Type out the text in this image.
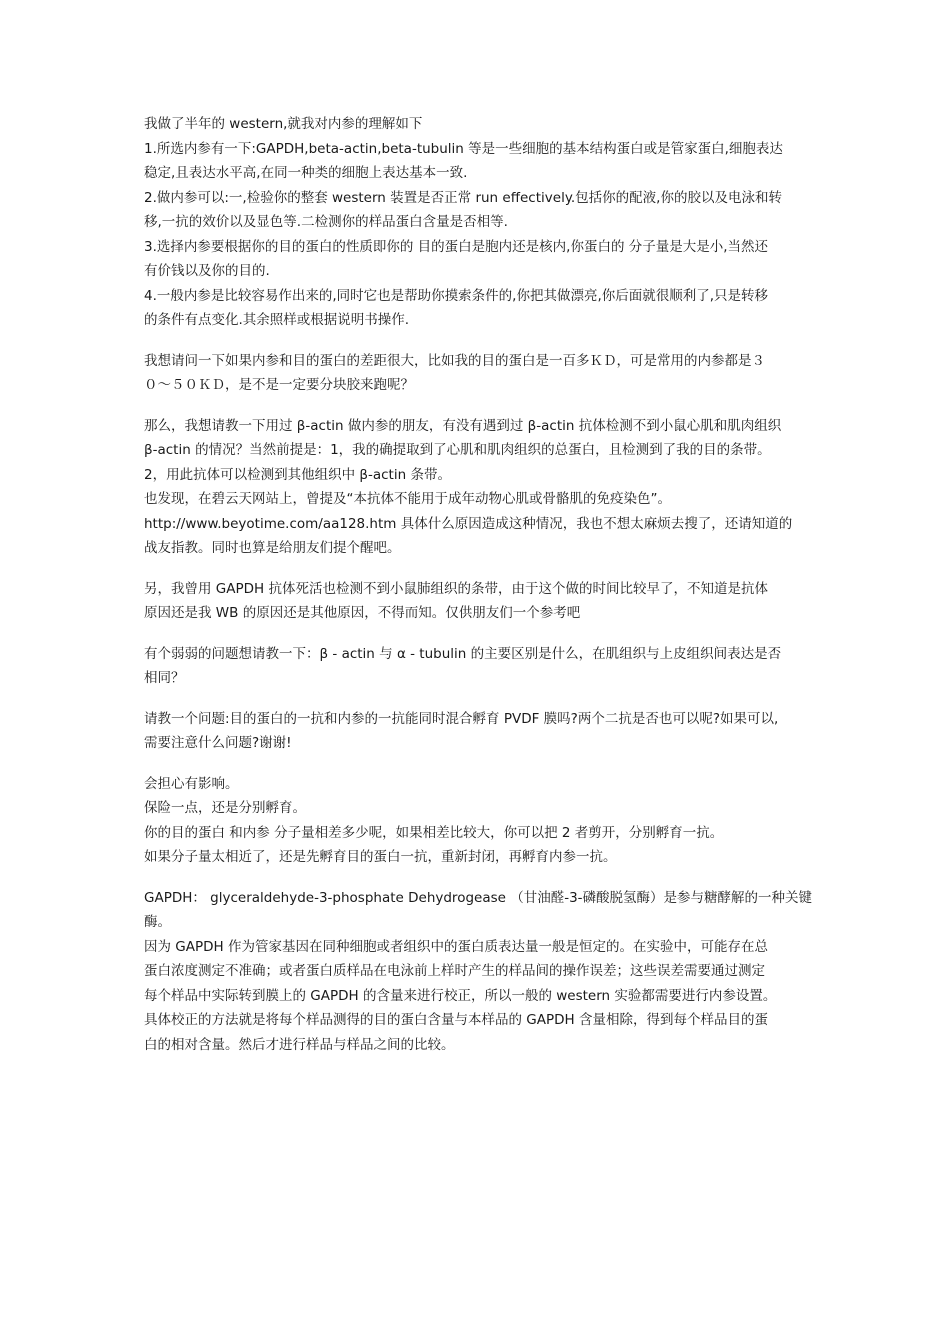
我做了半年的 western,就我对内参的理解如下
1.所选内参有一下:GAPDH,beta-actin,beta-tubulin 等是一些细胞的基本结构蛋白或是管家蛋白,细胞表达
稳定,且表达水平高,在同一种类的细胞上表达基本一致.
2.做内参可以:一,检验你的整套 western 装置是否正常 run effectively.包括你的配液,你的胶以及电泳和转
移,一抗的效价以及显色等.二检测你的样品蛋白含量是否相等.
3.选择内参要根据你的目的蛋白的性质即你的 目的蛋白是胞内还是核内,你蛋白的 分子量是大是小,当然还
有价钱以及你的目的.
4.一般内参是比较容易作出来的,同时它也是帮助你摸索条件的,你把其做漂亮,你后面就很顺利了,只是转移
的条件有点变化.其余照样或根据说明书操作.
我想请问一下如果内参和目的蛋白的差距很大，比如我的目的蛋白是一百多ＫＤ，可是常用的内参都是３
０～５０ＫＤ，是不是一定要分块胶来跑呢？
那么，我想请教一下用过 β-actin 做内参的朋友，有没有遇到过 β-actin 抗体检测不到小鼠心肌和肌肉组织
β-actin 的情况？当然前提是：1，我的确提取到了心肌和肌肉组织的总蛋白，且检测到了我的目的条带。
2，用此抗体可以检测到其他组织中 β-actin 条带。
也发现，在碧云天网站上，曾提及“本抗体不能用于成年动物心肌或骨骼肌的免疫染色”。
http://www.beyotime.com/aa128.htm 具体什么原因造成这种情况，我也不想太麻烦去搜了，还请知道的
战友指教。同时也算是给朋友们提个醒吧。
另，我曾用 GAPDH 抗体死活也检测不到小鼠肺组织的条带，由于这个做的时间比较早了，不知道是抗体
原因还是我 WB 的原因还是其他原因，不得而知。仅供朋友们一个参考吧
有个弱弱的问题想请教一下：β - actin 与 α - tubulin 的主要区别是什么，在肌组织与上皮组织间表达是否
相同？
请教一个问题:目的蛋白的一抗和内参的一抗能同时混合孵育 PVDF 膜吗?两个二抗是否也可以呢?如果可以,
需要注意什么问题?谢谢!
会担心有影响。
保险一点，还是分别孵育。
你的目的蛋白 和内参 分子量相差多少呢，如果相差比较大，你可以把 2 者剪开，分别孵育一抗。
如果分子量太相近了，还是先孵育目的蛋白一抗，重新封闭，再孵育内参一抗。
GAPDH： glyceraldehyde-3-phosphate Dehydrogease （甘油醛-3-磷酸脱氢酶）是参与糖酵解的一种关键
酶。
因为 GAPDH 作为管家基因在同种细胞或者组织中的蛋白质表达量一般是恒定的。在实验中，可能存在总
蛋白浓度测定不准确；或者蛋白质样品在电泳前上样时产生的样品间的操作误差；这些误差需要通过测定
每个样品中实际转到膜上的 GAPDH 的含量来进行校正，所以一般的 western 实验都需要进行内参设置。
具体校正的方法就是将每个样品测得的目的蛋白含量与本样品的 GAPDH 含量相除，得到每个样品目的蛋
白的相对含量。然后才进行样品与样品之间的比较。
